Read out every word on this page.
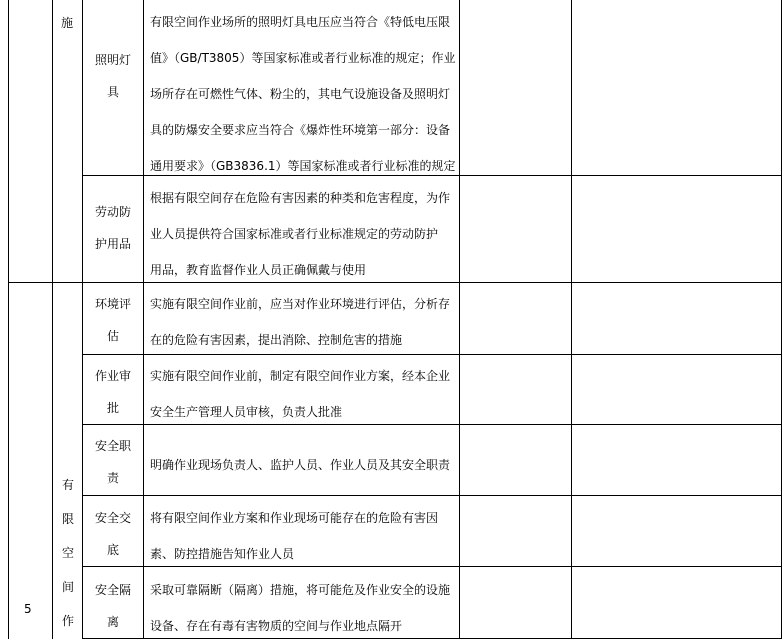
施
有限空间作
5
照明灯具
有限空间作业场所的照明灯具电压应当符合《特低电压限
值》（GB/T3805）等国家标准或者行业标准的规定；作业
场所存在可燃性气体、粉尘的，其电气设施设备及照明灯
具的防爆安全要求应当符合《爆炸性环境第一部分：设备
通用要求》（GB3836.1）等国家标准或者行业标准的规定
劳动防护用品
根据有限空间存在危险有害因素的种类和危害程度，为作
业人员提供符合国家标准或者行业标准规定的劳动防护
用品，教育监督作业人员正确佩戴与使用
环境评估
实施有限空间作业前，应当对作业环境进行评估，分析存
在的危险有害因素，提出消除、控制危害的措施
作业审批
实施有限空间作业前，制定有限空间作业方案，经本企业
安全生产管理人员审核，负责人批准
安全职责
明确作业现场负责人、监护人员、作业人员及其安全职责
安全交底
将有限空间作业方案和作业现场可能存在的危险有害因
素、防控措施告知作业人员
安全隔离
采取可靠隔断（隔离）措施，将可能危及作业安全的设施
设备、存在有毒有害物质的空间与作业地点隔开
